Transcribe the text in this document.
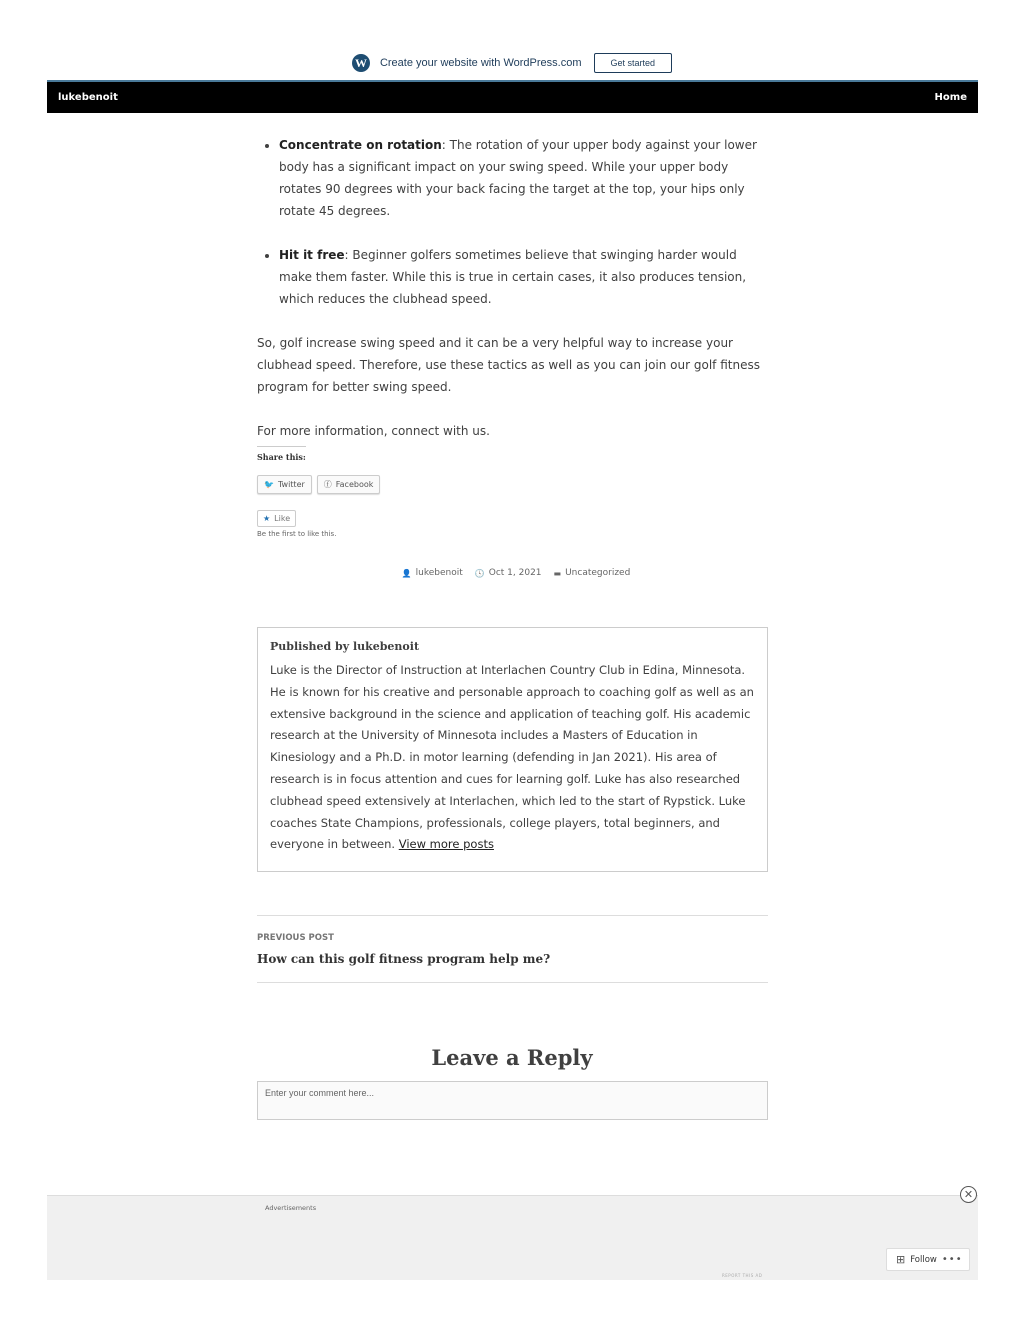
W Create your website with WordPress.com	Get started
lukebenoit	Home
• Concentrate on rotation: The rotation of your upper body against your lower body has a significant impact on your swing speed. While your upper body rotates 90 degrees with your back facing the target at the top, your hips only rotate 45 degrees.
• Hit it free: Beginner golfers sometimes believe that swinging harder would make them faster. While this is true in certain cases, it also produces tension, which reduces the clubhead speed.

So, golf increase swing speed and it can be a very helpful way to increase your clubhead speed. Therefore, use these tactics as well as you can join our golf fitness program for better swing speed.

For more information, connect with us.

Share this:
🐦 Twitter ⓕ Facebook
★ Like
Be the first to like this.
👤 lukebenoit 🕓 Oct 1, 2021 ▬ Uncategorized
Published by lukebenoit
Luke is the Director of Instruction at Interlachen Country Club in Edina, Minnesota. He is known for his creative and personable approach to coaching golf as well as an extensive background in the science and application of teaching golf. His academic research at the University of Minnesota includes a Masters of Education in Kinesiology and a Ph.D. in motor learning (defending in Jan 2021). His area of research is in focus attention and cues for learning golf. Luke has also researched clubhead speed extensively at Interlachen, which led to the start of Rypstick. Luke coaches State Champions, professionals, college players, total beginners, and everyone in between. View more posts
PREVIOUS POST
How can this golf fitness program help me?
Leave a Reply
Enter your comment here...
Advertisements
REPORT THIS AD
✕
⊞ Follow •••
